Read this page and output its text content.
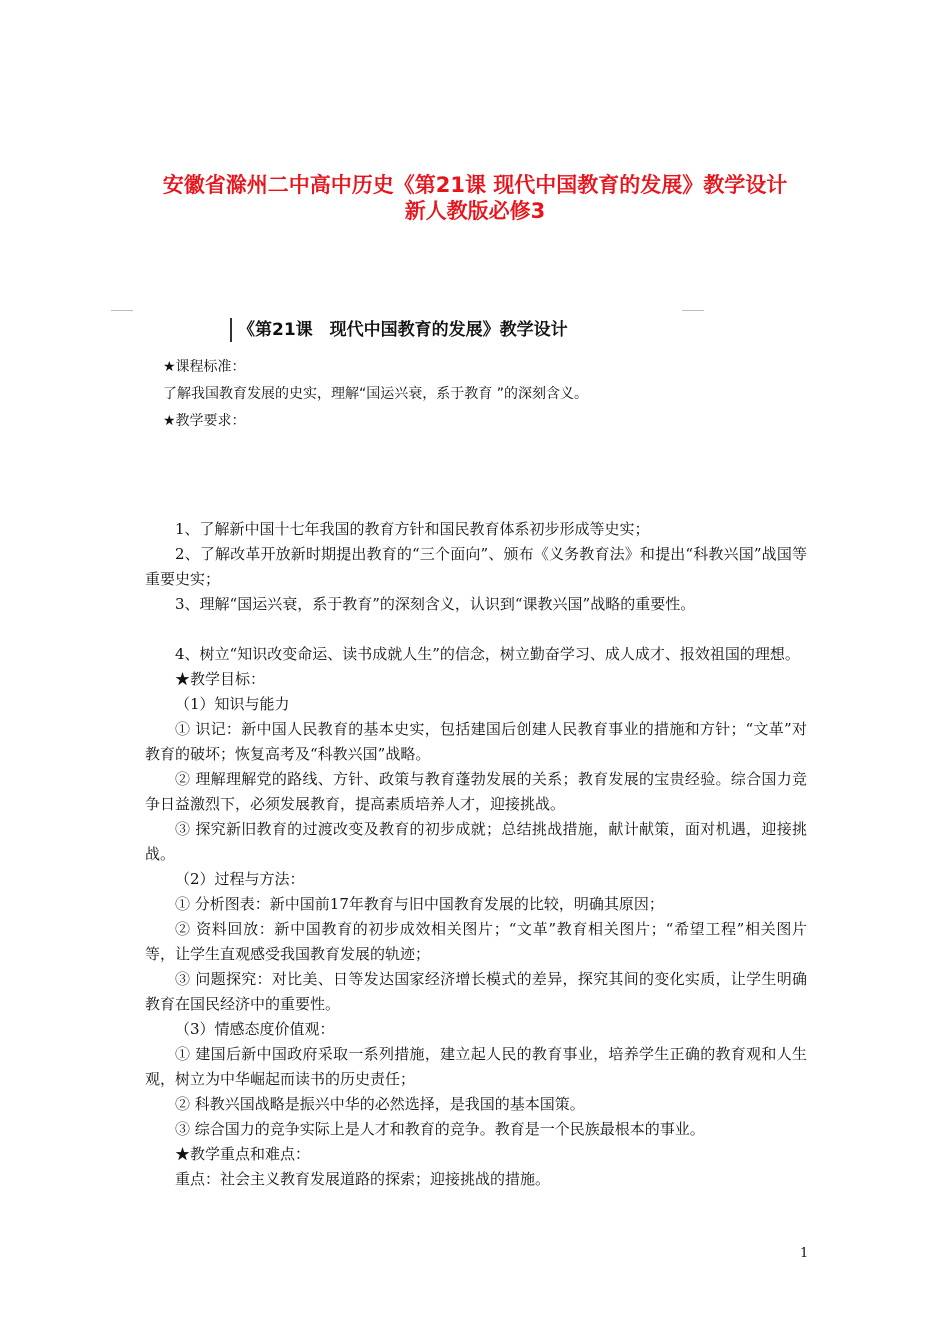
安徽省滁州二中高中历史《第21课 现代中国教育的发展》教学设计
新人教版必修3
《第21课　现代中国教育的发展》教学设计
★课程标准：
了解我国教育发展的史实，理解“国运兴衰，系于教育 ”的深刻含义。
★教学要求：

1、了解新中国十七年我国的教育方针和国民教育体系初步形成等史实；

2、了解改革开放新时期提出教育的“三个面向”、颁布《义务教育法》和提出“科教兴国”战国等重要史实；

3、理解“国运兴衰，系于教育”的深刻含义，认识到“课教兴国”战略的重要性。

4、树立“知识改变命运、读书成就人生”的信念，树立勤奋学习、成人成才、报效祖国的理想。

★教学目标：

（1）知识与能力

① 识记：新中国人民教育的基本史实，包括建国后创建人民教育事业的措施和方针；“文革”对教育的破坏；恢复高考及“科教兴国”战略。

② 理解理解党的路线、方针、政策与教育蓬勃发展的关系；教育发展的宝贵经验。综合国力竞争日益激烈下，必须发展教育，提高素质培养人才，迎接挑战。

③ 探究新旧教育的过渡改变及教育的初步成就；总结挑战措施，献计献策，面对机遇，迎接挑战。

（2）过程与方法：

① 分析图表：新中国前17年教育与旧中国教育发展的比较，明确其原因；

② 资料回放：新中国教育的初步成效相关图片；“文革”教育相关图片；“希望工程”相关图片等，让学生直观感受我国教育发展的轨迹；

③ 问题探究：对比美、日等发达国家经济增长模式的差异，探究其间的变化实质，让学生明确教育在国民经济中的重要性。

（3）情感态度价值观：

① 建国后新中国政府采取一系列措施，建立起人民的教育事业，培养学生正确的教育观和人生观，树立为中华崛起而读书的历史责任；

② 科教兴国战略是振兴中华的必然选择，是我国的基本国策。

③ 综合国力的竞争实际上是人才和教育的竞争。教育是一个民族最根本的事业。

★教学重点和难点：

重点：社会主义教育发展道路的探索；迎接挑战的措施。

1
